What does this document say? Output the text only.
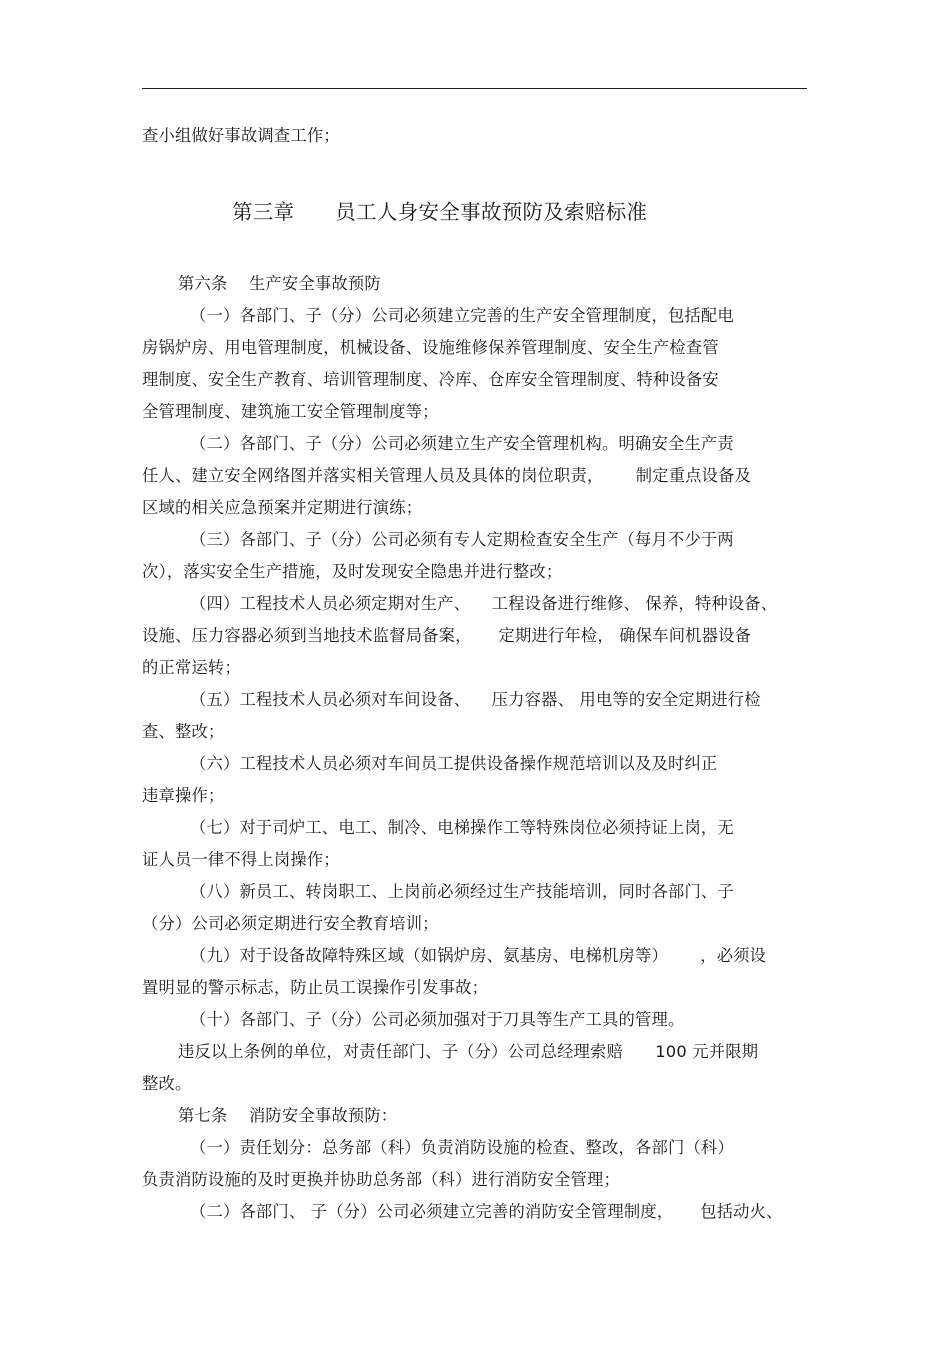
查小组做好事故调查工作；
第三章      员工人身安全事故预防及索赔标准
第六条    生产安全事故预防
（一）各部门、子（分）公司必须建立完善的生产安全管理制度，包括配电
房锅炉房、用电管理制度，机械设备、设施维修保养管理制度、安全生产检查管
理制度、安全生产教育、培训管理制度、冷库、仓库安全管理制度、特种设备安
全管理制度、建筑施工安全管理制度等；
（二）各部门、子（分）公司必须建立生产安全管理机构。明确安全生产责
任人、建立安全网络图并落实相关管理人员及具体的岗位职责，      制定重点设备及
区域的相关应急预案并定期进行演练；
（三）各部门、子（分）公司必须有专人定期检查安全生产（每月不少于两
次），落实安全生产措施，及时发现安全隐患并进行整改；
（四）工程技术人员必须定期对生产、    工程设备进行维修、 保养，特种设备、
设施、压力容器必须到当地技术监督局备案，     定期进行年检， 确保车间机器设备
的正常运转；
（五）工程技术人员必须对车间设备、    压力容器、 用电等的安全定期进行检
查、整改；
（六）工程技术人员必须对车间员工提供设备操作规范培训以及及时纠正
违章操作；
（七）对于司炉工、电工、制冷、电梯操作工等特殊岗位必须持证上岗，无
证人员一律不得上岗操作；
（八）新员工、转岗职工、上岗前必须经过生产技能培训，同时各部门、子
（分）公司必须定期进行安全教育培训；
（九）对于设备故障特殊区域（如锅炉房、氨基房、电梯机房等）      ，必须设
置明显的警示标志，防止员工误操作引发事故；
（十）各部门、子（分）公司必须加强对于刀具等生产工具的管理。
违反以上条例的单位，对责任部门、子（分）公司总经理索赔      100 元并限期
整改。
第七条    消防安全事故预防：
（一）责任划分：总务部（科）负责消防设施的检查、整改，各部门（科）
负责消防设施的及时更换并协助总务部（科）进行消防安全管理；
（二）各部门、 子（分）公司必须建立完善的消防安全管理制度，     包括动火、
